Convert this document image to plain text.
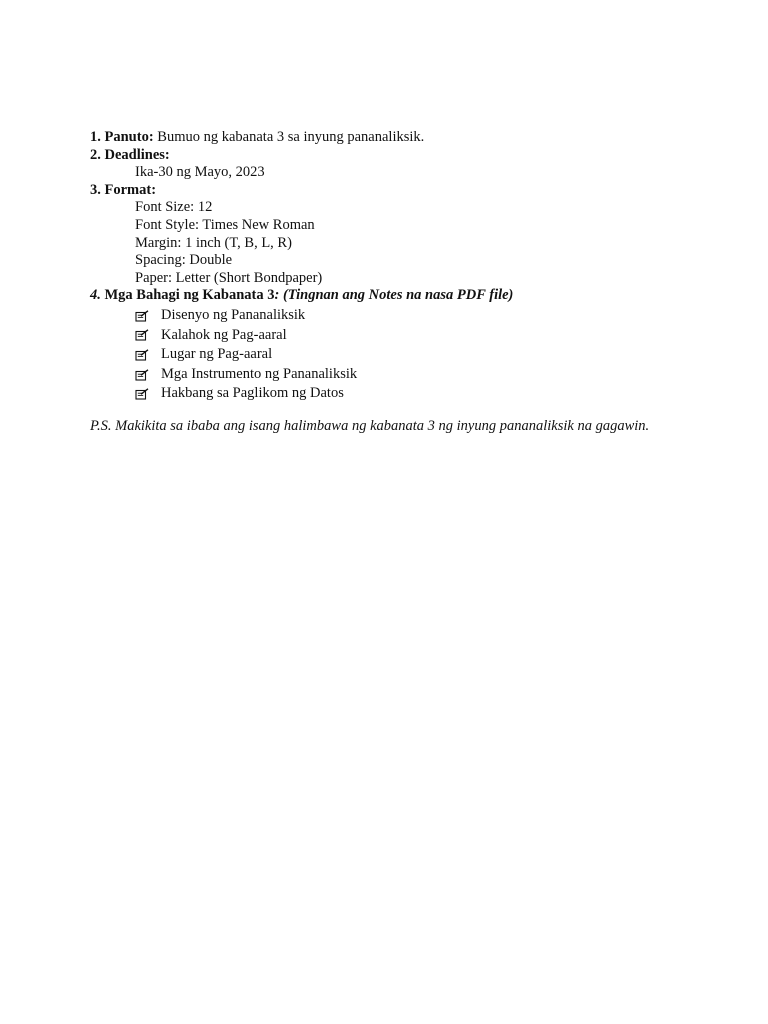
1. Panuto: Bumuo ng kabanata 3 sa inyung pananaliksik.
2. Deadlines:
Ika-30 ng Mayo, 2023
3. Format:
Font Size: 12
Font Style: Times New Roman
Margin: 1 inch (T, B, L, R)
Spacing: Double
Paper: Letter (Short Bondpaper)
4. Mga Bahagi ng Kabanata 3: (Tingnan ang Notes na nasa PDF file)
Disenyo ng Pananaliksik
Kalahok ng Pag-aaral
Lugar ng Pag-aaral
Mga Instrumento ng Pananaliksik
Hakbang sa Paglikom ng Datos
P.S. Makikita sa ibaba ang isang halimbawa ng kabanata 3 ng inyung pananaliksik na gagawin.
